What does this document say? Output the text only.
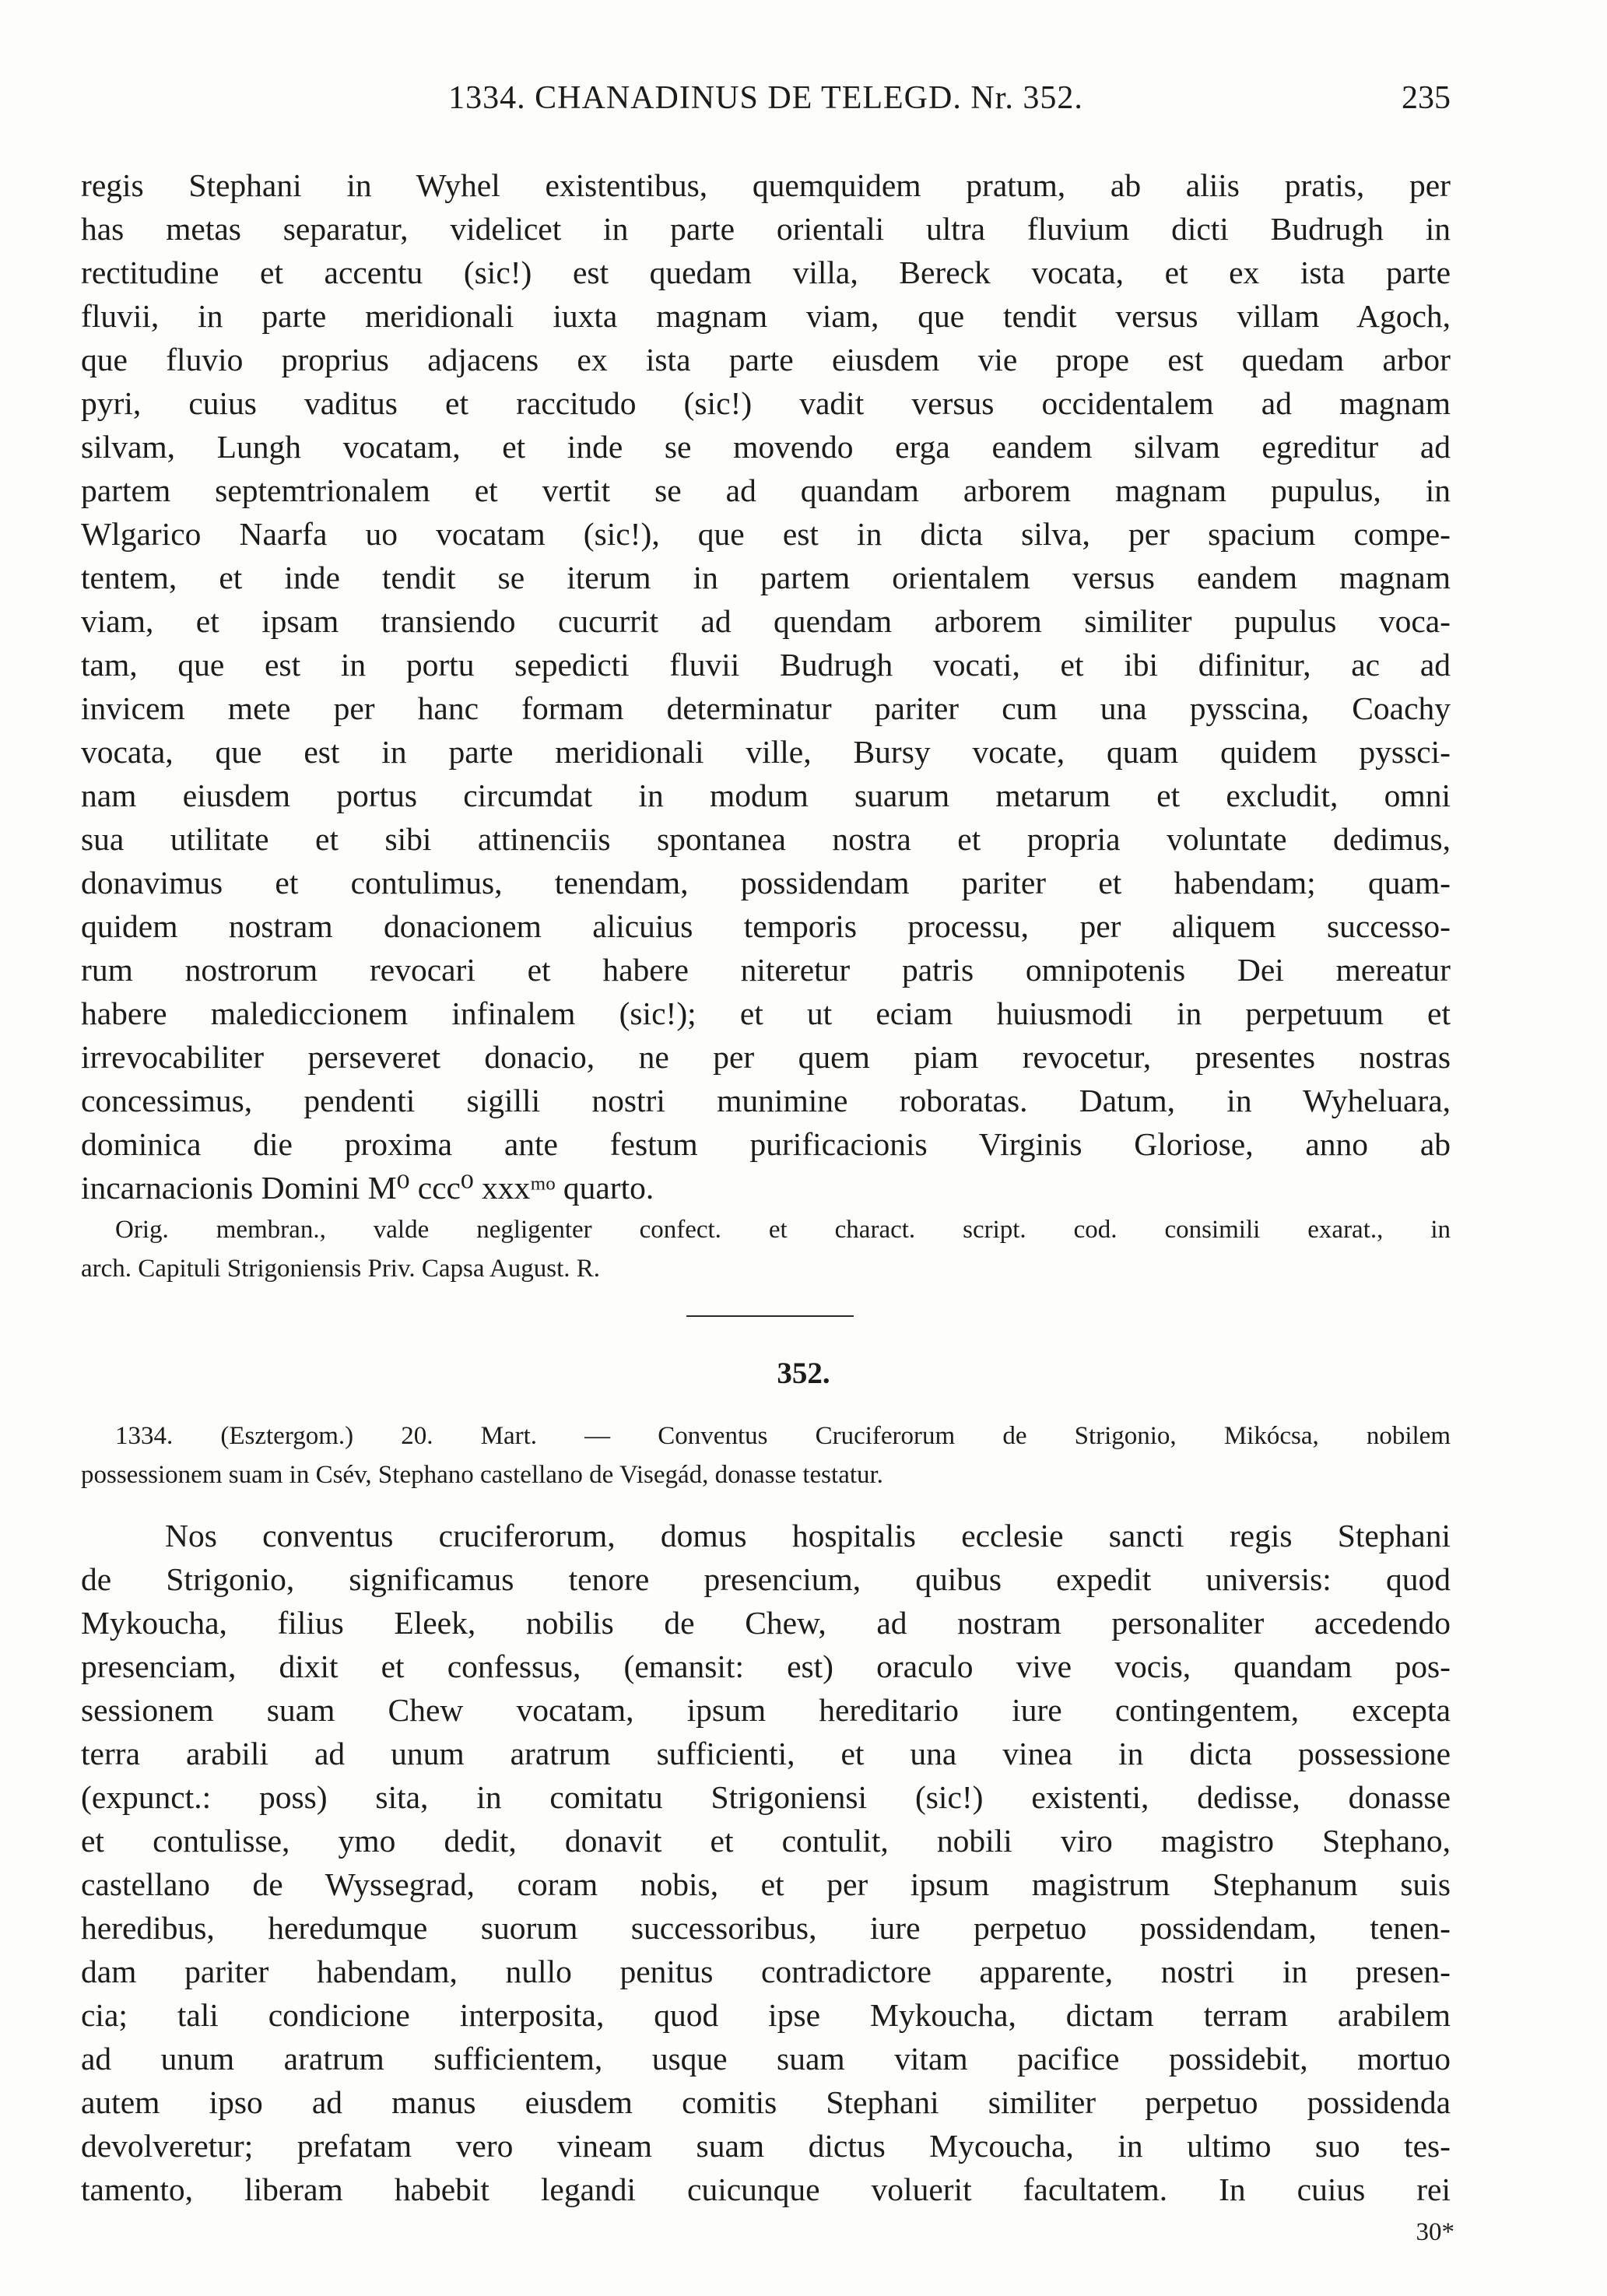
1334. CHANADINUS DE TELEGD. Nr. 352.	235
regis Stephani in Wyhel existentibus, quemquidem pratum, ab aliis pratis, per
has metas separatur, videlicet in parte orientali ultra fluvium dicti Budrugh in
rectitudine et accentu (sic!) est quedam villa, Bereck vocata, et ex ista parte
fluvii, in parte meridionali iuxta magnam viam, que tendit versus villam Agoch,
que fluvio proprius adjacens ex ista parte eiusdem vie prope est quedam arbor
pyri, cuius vaditus et raccitudo (sic!) vadit versus occidentalem ad magnam
silvam, Lungh vocatam, et inde se movendo erga eandem silvam egreditur ad
partem septemtrionalem et vertit se ad quandam arborem magnam pupulus, in
Wlgarico Naarfa uo vocatam (sic!), que est in dicta silva, per spacium compe-
tentem, et inde tendit se iterum in partem orientalem versus eandem magnam
viam, et ipsam transiendo cucurrit ad quendam arborem similiter pupulus voca-
tam, que est in portu sepedicti fluvii Budrugh vocati, et ibi difinitur, ac ad
invicem mete per hanc formam determinatur pariter cum una pysscina, Coachy
vocata, que est in parte meridionali ville, Bursy vocate, quam quidem pyssci-
nam eiusdem portus circumdat in modum suarum metarum et excludit, omni
sua utilitate et sibi attinenciis spontanea nostra et propria voluntate dedimus,
donavimus et contulimus, tenendam, possidendam pariter et habendam; quam-
quidem nostram donacionem alicuius temporis processu, per aliquem successo-
rum nostrorum revocari et habere niteretur patris omnipotenis Dei mereatur
habere malediccionem infinalem (sic!); et ut eciam huiusmodi in perpetuum et
irrevocabiliter perseveret donacio, ne per quem piam revocetur, presentes nostras
concessimus, pendenti sigilli nostri munimine roboratas. Datum, in Wyheluara,
dominica die proxima ante festum purificacionis Virginis Gloriose, anno ab
incarnacionis Domini M⁰ ccc⁰ xxxᵐᵒ quarto.
Orig. membran., valde negligenter confect. et charact. script. cod. consimili exarat., in
arch. Capituli Strigoniensis Priv. Capsa August. R.
352.
1334. (Esztergom.) 20. Mart. — Conventus Cruciferorum de Strigonio, Mikócsa, nobilem
possessionem suam in Csév, Stephano castellano de Visegád, donasse testatur.
Nos conventus cruciferorum, domus hospitalis ecclesie sancti regis Stephani
de Strigonio, significamus tenore presencium, quibus expedit universis: quod
Mykoucha, filius Eleek, nobilis de Chew, ad nostram personaliter accedendo
presenciam, dixit et confessus, (emansit: est) oraculo vive vocis, quandam pos-
sessionem suam Chew vocatam, ipsum hereditario iure contingentem, excepta
terra arabili ad unum aratrum sufficienti, et una vinea in dicta possessione
(expunct.: poss) sita, in comitatu Strigoniensi (sic!) existenti, dedisse, donasse
et contulisse, ymo dedit, donavit et contulit, nobili viro magistro Stephano,
castellano de Wyssegrad, coram nobis, et per ipsum magistrum Stephanum suis
heredibus, heredumque suorum successoribus, iure perpetuo possidendam, tenen-
dam pariter habendam, nullo penitus contradictore apparente, nostri in presen-
cia; tali condicione interposita, quod ipse Mykoucha, dictam terram arabilem
ad unum aratrum sufficientem, usque suam vitam pacifice possidebit, mortuo
autem ipso ad manus eiusdem comitis Stephani similiter perpetuo possidenda
devolveretur; prefatam vero vineam suam dictus Mycoucha, in ultimo suo tes-
tamento, liberam habebit legandi cuicunque voluerit facultatem. In cuius rei
30*
